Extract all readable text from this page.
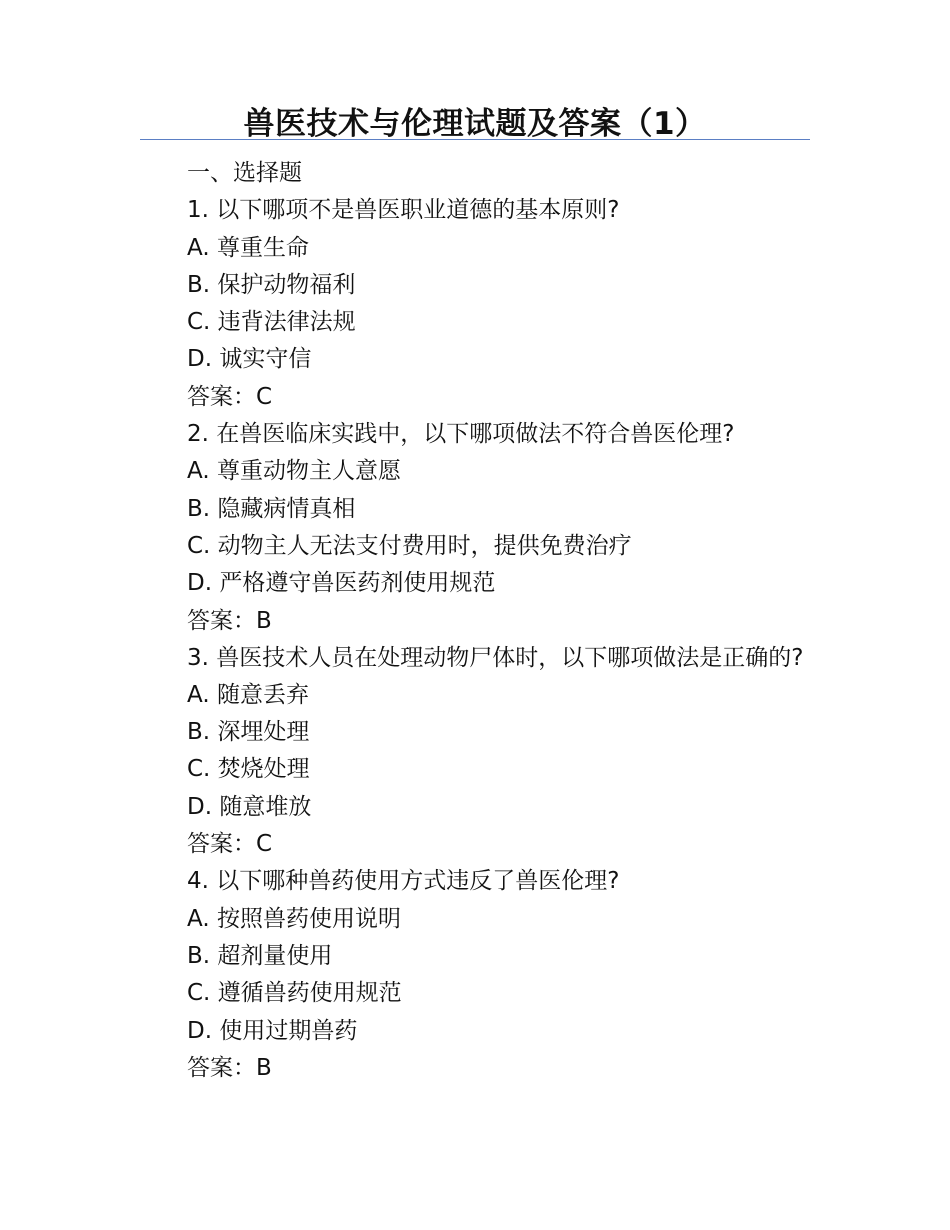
兽医技术与伦理试题及答案（1）
一、选择题
1. 以下哪项不是兽医职业道德的基本原则?
A. 尊重生命
B. 保护动物福利
C. 违背法律法规
D. 诚实守信
答案：C
2. 在兽医临床实践中，以下哪项做法不符合兽医伦理?
A. 尊重动物主人意愿
B. 隐藏病情真相
C. 动物主人无法支付费用时，提供免费治疗
D. 严格遵守兽医药剂使用规范
答案：B
3. 兽医技术人员在处理动物尸体时，以下哪项做法是正确的?
A. 随意丢弃
B. 深埋处理
C. 焚烧处理
D. 随意堆放
答案：C
4. 以下哪种兽药使用方式违反了兽医伦理?
A. 按照兽药使用说明
B. 超剂量使用
C. 遵循兽药使用规范
D. 使用过期兽药
答案：B
